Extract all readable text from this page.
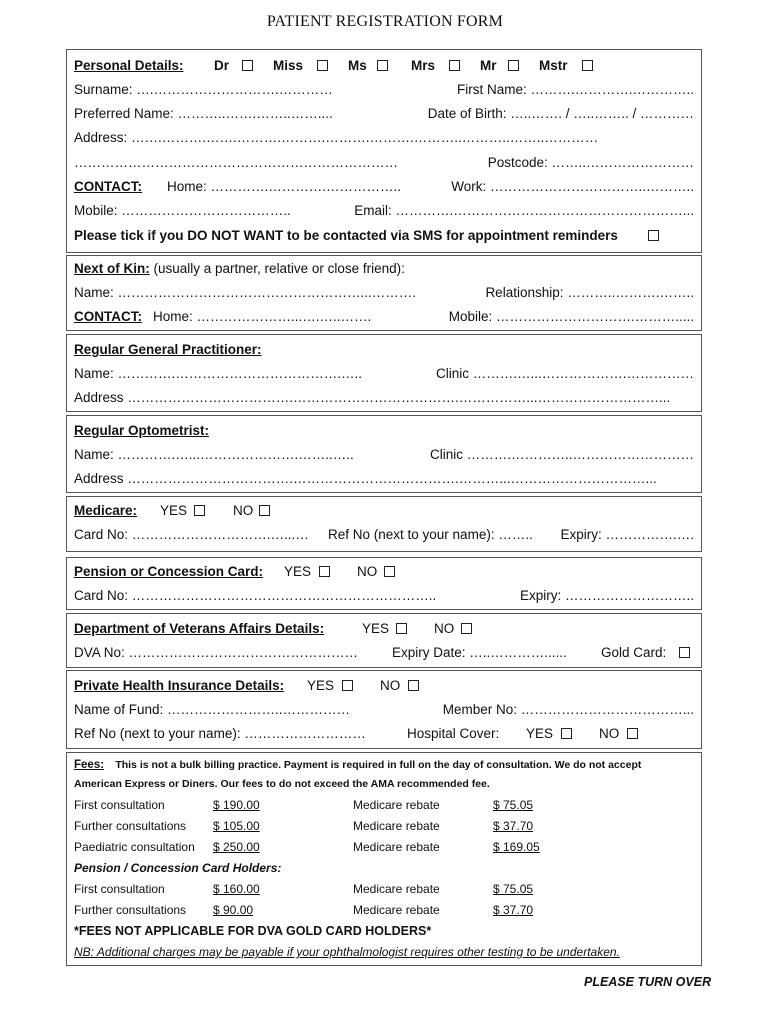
PATIENT REGISTRATION FORM
Personal Details: Dr	Miss	Ms	Mrs	Mr	Mstr
Surname: ….……………………….…………	First Name: ……….………….…………..
Preferred Name: ………..…….……..……....	Date of Birth: …..……. / …..…….. / …………
Address: …….……….…….……….……….……….……….………..………..……..…………
………………………………………………………………	Postcode: ……..……………………
CONTACT: Home: ………….………….……………..	Work: ……………………………..………..
Mobile: ………………………………..	Email: ………….……………………………………………...
Please tick if you DO NOT WANT to be contacted via SMS for appointment reminders
Next of Kin: (usually a partner, relative or close friend):
Name: ………………………………………………...……….	Relationship: ………..……….……..
CONTACT: Home: …………………...….…..…….	Mobile: ………………………….……….....
Regular General Practitioner:
Name: ………….……………………………….…..	Clinic ……….…...……………….……………
Address ……………………………….……………………………….……………...………………………...
Regular Optometrist:
Name: ………….…...………………….……..…..	Clinic ……….…………..………………………
Address ……………………………….……………………………….………...…………………………...
Medicare: YES	NO
Card No: ………………………….…...… Ref No (next to your name): …….. Expiry: …………….….
Pension or Concession Card: YES	NO
Card No: …………………………………………………………..	Expiry: ………………………..
Department of Veterans Affairs Details:	YES	NO
DVA No: ……………………………………………	Expiry Date: …..…………......	Gold Card:
Private Health Insurance Details: YES	NO
Name of Fund: ……………………..……………	Member No: ………………………………...
Ref No (next to your name): ………………………	Hospital Cover: YES	NO
Fees: This is not a bulk billing practice. Payment is required in full on the day of consultation. We do not accept
American Express or Diners. Our fees to do not exceed the AMA recommended fee.
First consultation	$ 190.00	Medicare rebate	$ 75.05
Further consultations $ 105.00	Medicare rebate	$ 37.70
Paediatric consultation $ 250.00	Medicare rebate	$ 169.05
Pension / Concession Card Holders:
First consultation	$ 160.00	Medicare rebate	$ 75.05
Further consultations $ 90.00	Medicare rebate	$ 37.70
*FEES NOT APPLICABLE FOR DVA GOLD CARD HOLDERS*
NB: Additional charges may be payable if your ophthalmologist requires other testing to be undertaken.
PLEASE TURN OVER
